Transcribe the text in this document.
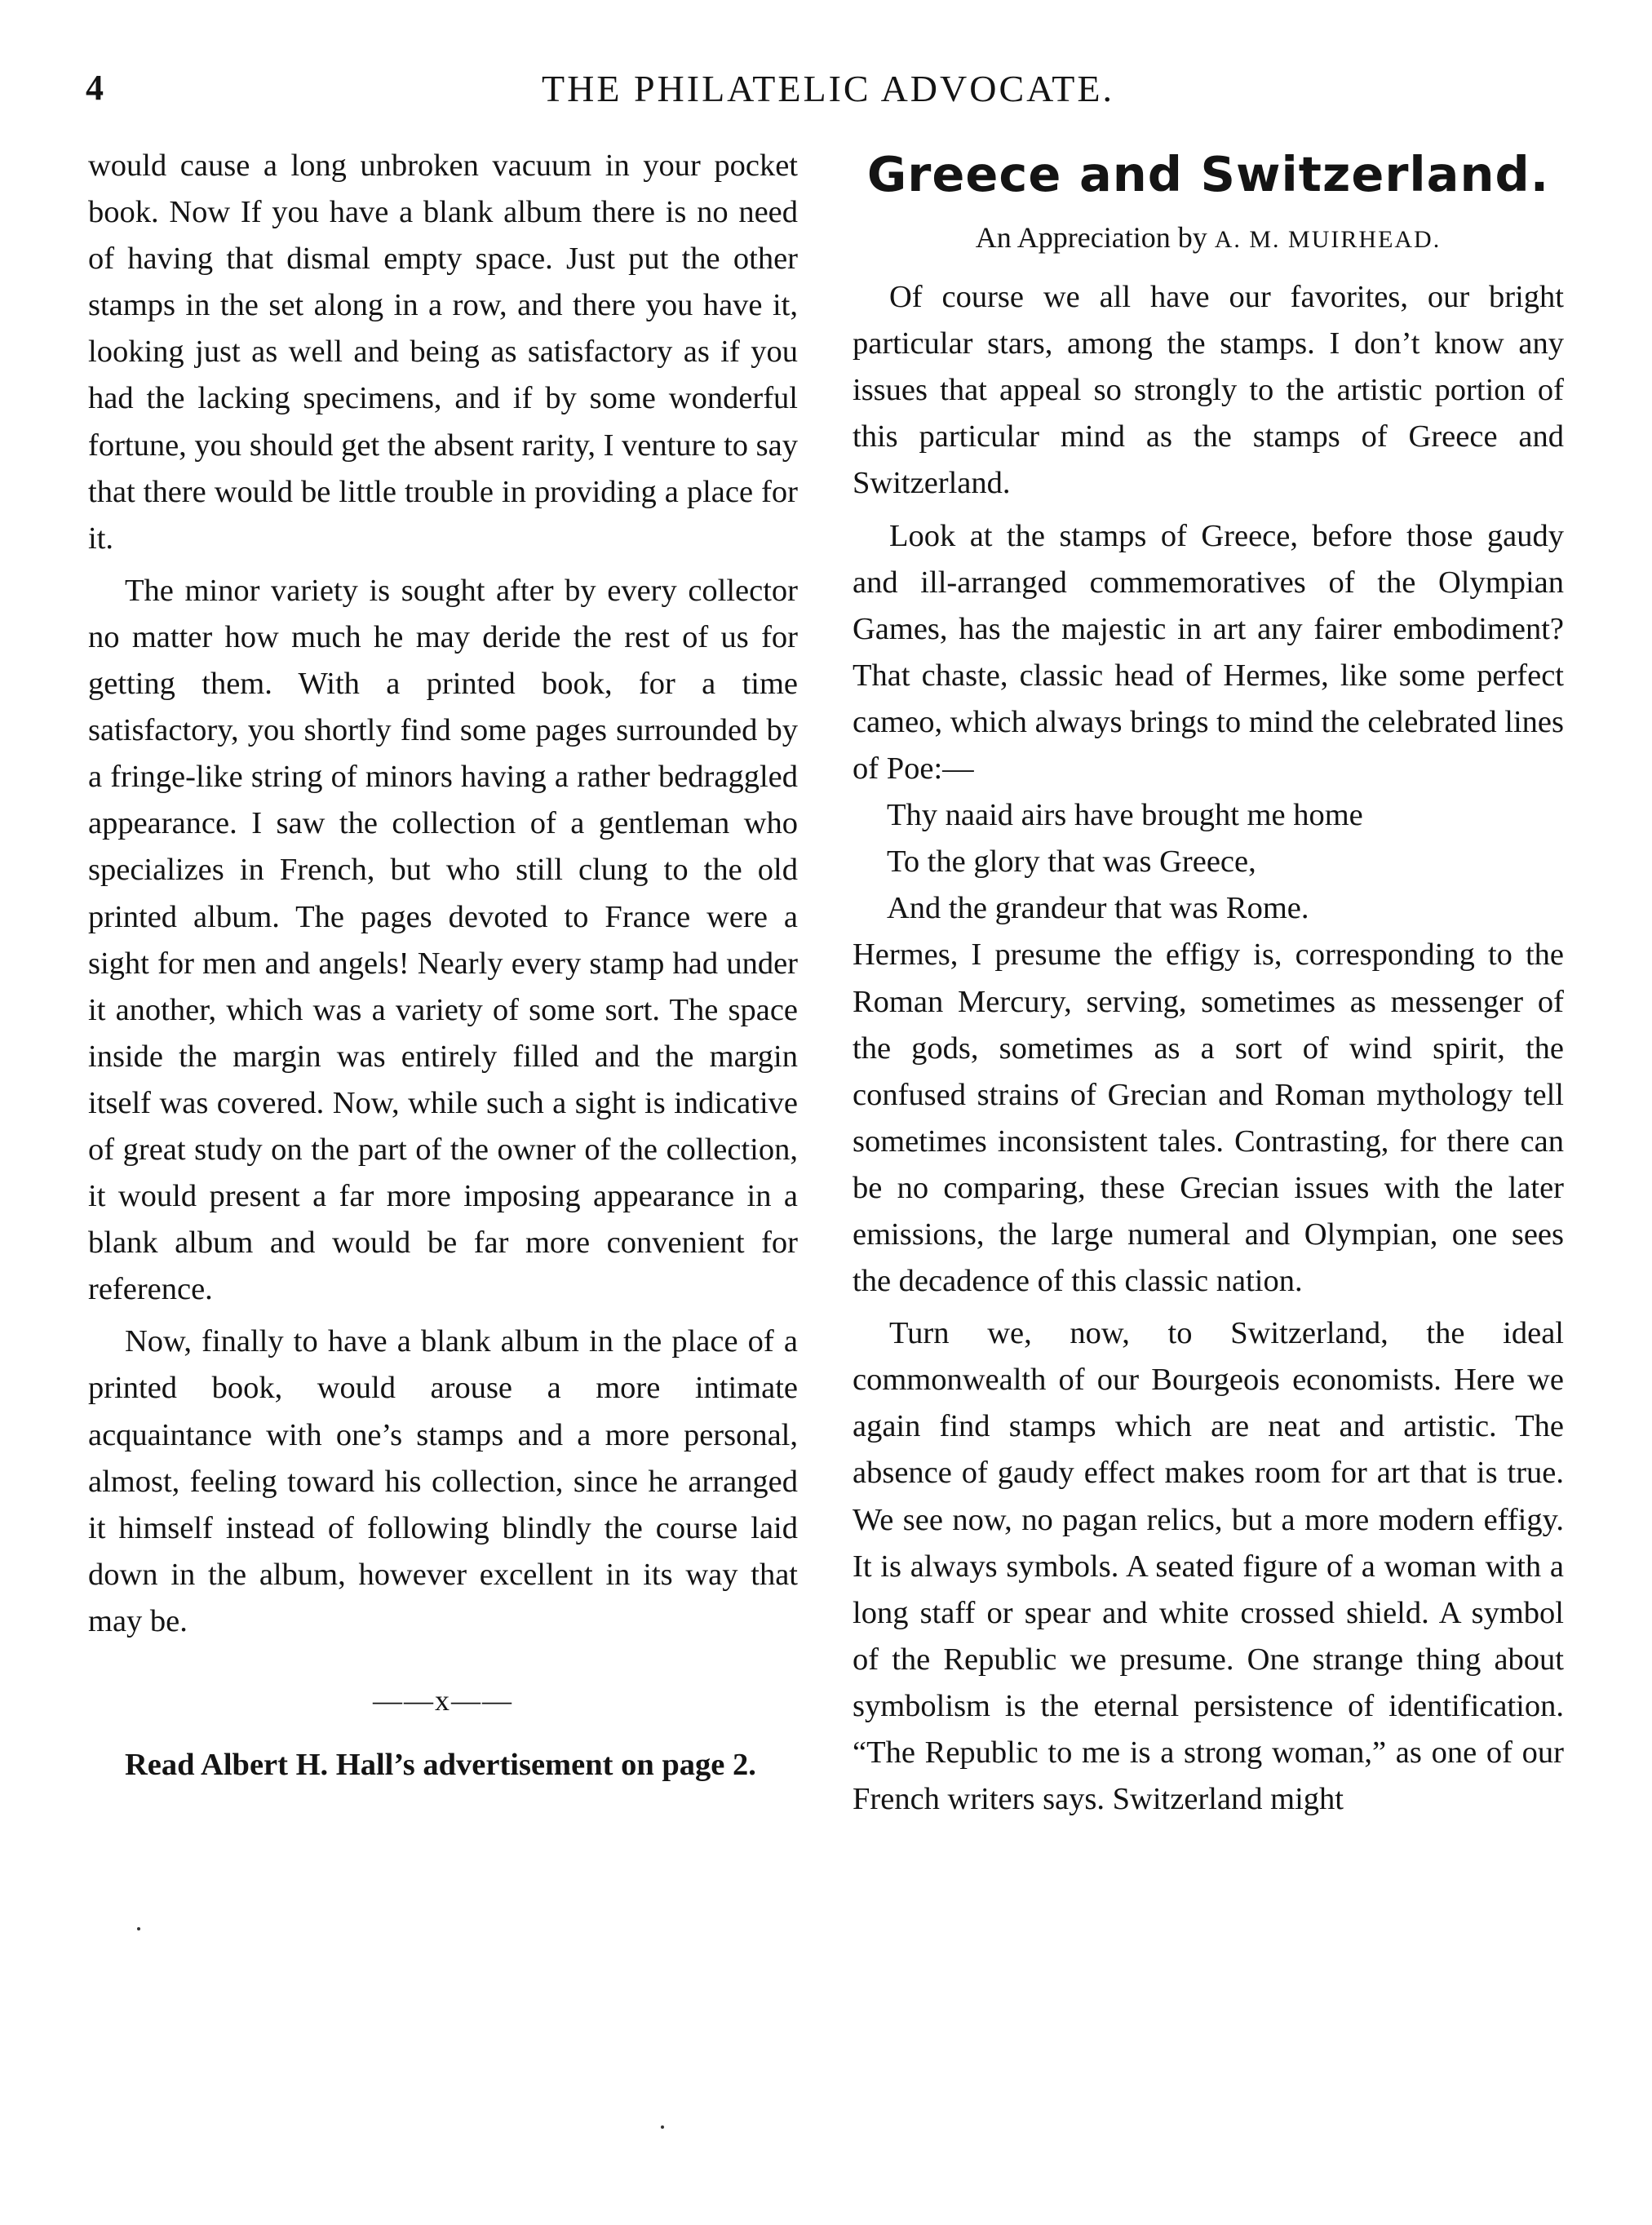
4	THE PHILATELIC ADVOCATE.

would cause a long unbroken vacuum in your pocket book. Now If you have a blank album there is no need of having that dismal empty space. Just put the other stamps in the set along in a row, and there you have it, looking just as well and being as satisfactory as if you had the lacking specimens, and if by some wonderful fortune, you should get the absent rarity, I venture to say that there would be little trouble in providing a place for it.

The minor variety is sought after by every collector no matter how much he may deride the rest of us for getting them. With a printed book, for a time satisfactory, you shortly find some pages surrounded by a fringe-like string of minors having a rather bedraggled appearance. I saw the collection of a gentleman who specializes in French, but who still clung to the old printed album. The pages devoted to France were a sight for men and angels! Nearly every stamp had under it another, which was a variety of some sort. The space inside the margin was entirely filled and the margin itself was covered. Now, while such a sight is indicative of great study on the part of the owner of the collection, it would present a far more imposing appearance in a blank album and would be far more convenient for reference.

Now, finally to have a blank album in the place of a printed book, would arouse a more intimate acquaintance with one’s stamps and a more personal, almost, feeling toward his collection, since he arranged it himself instead of following blindly the course laid down in the album, however excellent in its way that may be.

——x——

Read Albert H. Hall’s advertisement on page 2.

Greece and Switzerland.

An Appreciation by A. M. MUIRHEAD.

Of course we all have our favorites, our bright particular stars, among the stamps. I don’t know any issues that appeal so strongly to the artistic portion of this particular mind as the stamps of Greece and Switzerland.

Look at the stamps of Greece, before those gaudy and ill-arranged commemoratives of the Olympian Games, has the majestic in art any fairer embodiment? That chaste, classic head of Hermes, like some perfect cameo, which always brings to mind the celebrated lines of Poe:—

Thy naaid airs have brought me home
To the glory that was Greece,
And the grandeur that was Rome.

Hermes, I presume the effigy is, corresponding to the Roman Mercury, serving, sometimes as messenger of the gods, sometimes as a sort of wind spirit, the confused strains of Grecian and Roman mythology tell sometimes inconsistent tales. Contrasting, for there can be no comparing, these Grecian issues with the later emissions, the large numeral and Olympian, one sees the decadence of this classic nation.

Turn we, now, to Switzerland, the ideal commonwealth of our Bourgeois economists. Here we again find stamps which are neat and artistic. The absence of gaudy effect makes room for art that is true. We see now, no pagan relics, but a more modern effigy. It is always symbols. A seated figure of a woman with a long staff or spear and white crossed shield. A symbol of the Republic we presume. One strange thing about symbolism is the eternal persistence of identification. “The Republic to me is a strong woman,” as one of our French writers says. Switzerland might
